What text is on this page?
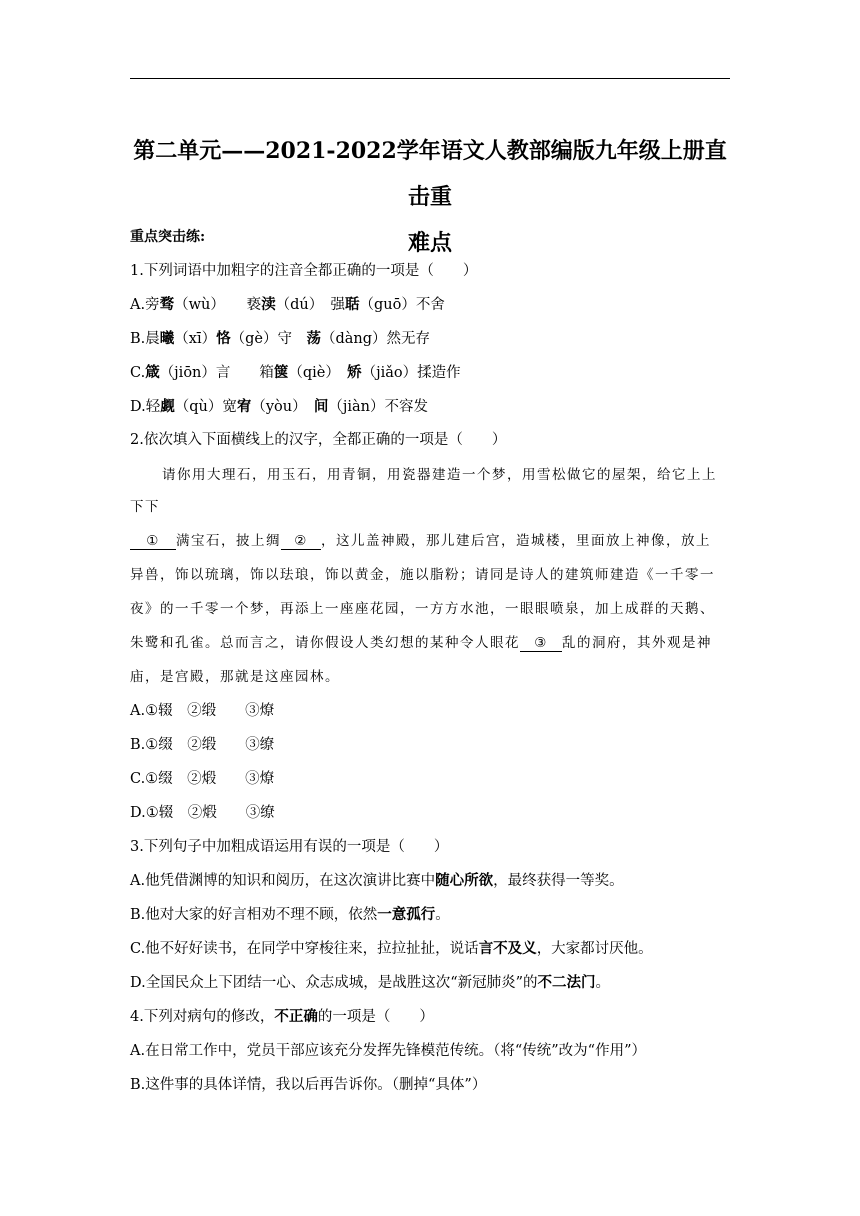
第二单元——2021-2022学年语文人教部编版九年级上册直击重
难点
重点突击练:
1.下列词语中加粗字的注音全都正确的一项是（　　）
A.旁骛（wù）　　亵渎（dú）　强聒（guō）不舍
B.晨曦（xī）恪（gè）守　荡（dàng）然无存
C.箴（jiōn）言　　箱箧（qiè）　矫（jiǎo）揉造作
D.轻觑（qù）宽宥（yòu）　间（jiàn）不容发
2.依次填入下面横线上的汉字，全都正确的一项是（　　）
请你用大理石，用玉石，用青铜，用瓷器建造一个梦，用雪松做它的屋架，给它上上
下下
① 满宝石，披上绸 ② ，这儿盖神殿，那儿建后宫，造城楼，里面放上神像，放上
异兽，饰以琉璃，饰以珐琅，饰以黄金，施以脂粉；请同是诗人的建筑师建造《一千零一
夜》的一千零一个梦，再添上一座座花园，一方方水池，一眼眼喷泉，加上成群的天鹅、
朱鹭和孔雀。总而言之，请你假设人类幻想的某种令人眼花 ③ 乱的洞府，其外观是神
庙，是宫殿，那就是这座园林。
A.①辍　②缎　　③燎
B.①缀　②缎　　③缭
C.①缀　②煅　　③燎
D.①辍　②煅　　③缭
3.下列句子中加粗成语运用有误的一项是（　　）
A.他凭借渊博的知识和阅历，在这次演讲比赛中随心所欲，最终获得一等奖。
B.他对大家的好言相劝不理不顾，依然一意孤行。
C.他不好好读书，在同学中穿梭往来，拉拉扯扯，说话言不及义，大家都讨厌他。
D.全国民众上下团结一心、众志成城，是战胜这次“新冠肺炎”的不二法门。
4.下列对病句的修改，不正确的一项是（　　）
A.在日常工作中，党员干部应该充分发挥先锋模范传统。（将“传统”改为“作用”）
B.这件事的具体详情，我以后再告诉你。（删掉“具体”）
